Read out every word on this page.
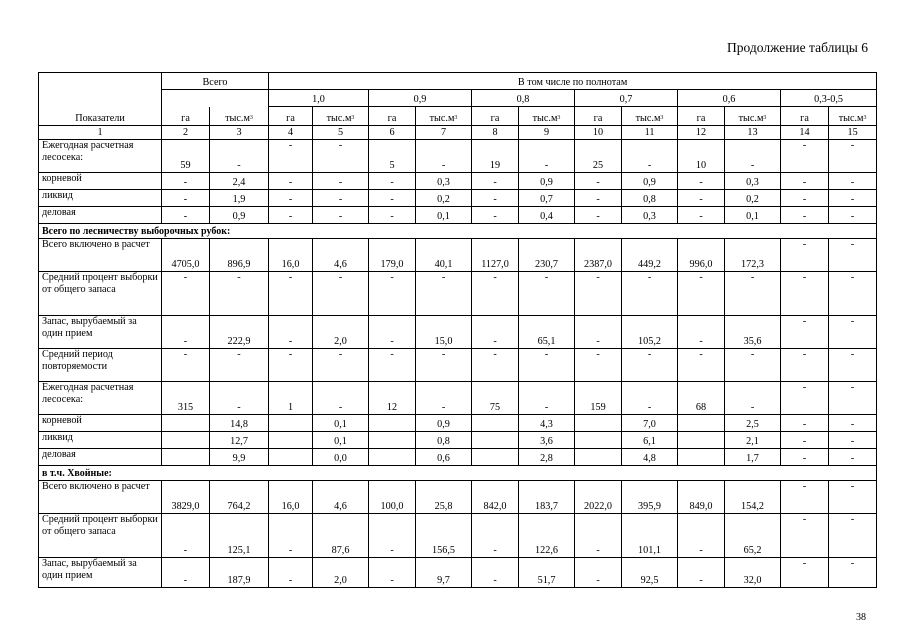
Продолжение таблицы 6
Показатели	Всего		В том числе по полнотам											
			1,0		0,9		0,8		0,7		0,6		0,3-0,5	
	га	$тыс.м^3$	га	$тыс.м^3$	га	$тыс.м^3$	га	$тыс.м^3$	га	$тыс.м^3$	га	$тыс.м^3$	га	$тыс.м^3$
1	2	3	4	5	6	7	8	9	10	11	12	13	14	15
Ежегодная расчетная лесосека:	59	-	-	-	5	-	19	-	25	-	10	-	-	-
корневой	-	2,4	-	-	-	0,3	-	0,9	-	0,9	-	0,3	-	-
ликвид	-	1,9	-	-	-	0,2	-	0,7	-	0,8	-	0,2	-	-
деловая	-	0,9	-	-	-	0,1	-	0,4	-	0,3	-	0,1	-	-
Всего по лесничеству выборочных рубок:														
Всего включено в расчет	4705,0	896,9	16,0	4,6	179,0	40,1	1127,0	230,7	2387,0	449,2	996,0	172,3	-	-
Средний процент выборки от общего запаса	-	-	-	-	-	-	-	-	-	-	-	-	-	-
Запас, вырубаемый за один прием	-	222,9	-	2,0	-	15,0	-	65,1	-	105,2	-	35,6	-	-
Средний период повторяемости	-	-	-	-	-	-	-	-	-	-	-	-	-	-
Ежегодная расчетная лесосека:	315	-	1	-	12	-	75	-	159	-	68	-	-	-
корневой		14,8		0,1		0,9		4,3		7,0		2,5	-	-
ликвид		12,7		0,1		0,8		3,6		6,1		2,1	-	-
деловая		9,9		0,0		0,6		2,8		4,8		1,7	-	-
в т.ч. Хвойные:														
Всего включено в расчет	3829,0	764,2	16,0	4,6	100,0	25,8	842,0	183,7	2022,0	395,9	849,0	154,2	-	-
Средний процент выборки от общего запаса	-	125,1	-	87,6	-	156,5	-	122,6	-	101,1	-	65,2	-	-
Запас, вырубаемый за один прием	-	187,9	-	2,0	-	9,7	-	51,7	-	92,5	-	32,0	-	-
38
